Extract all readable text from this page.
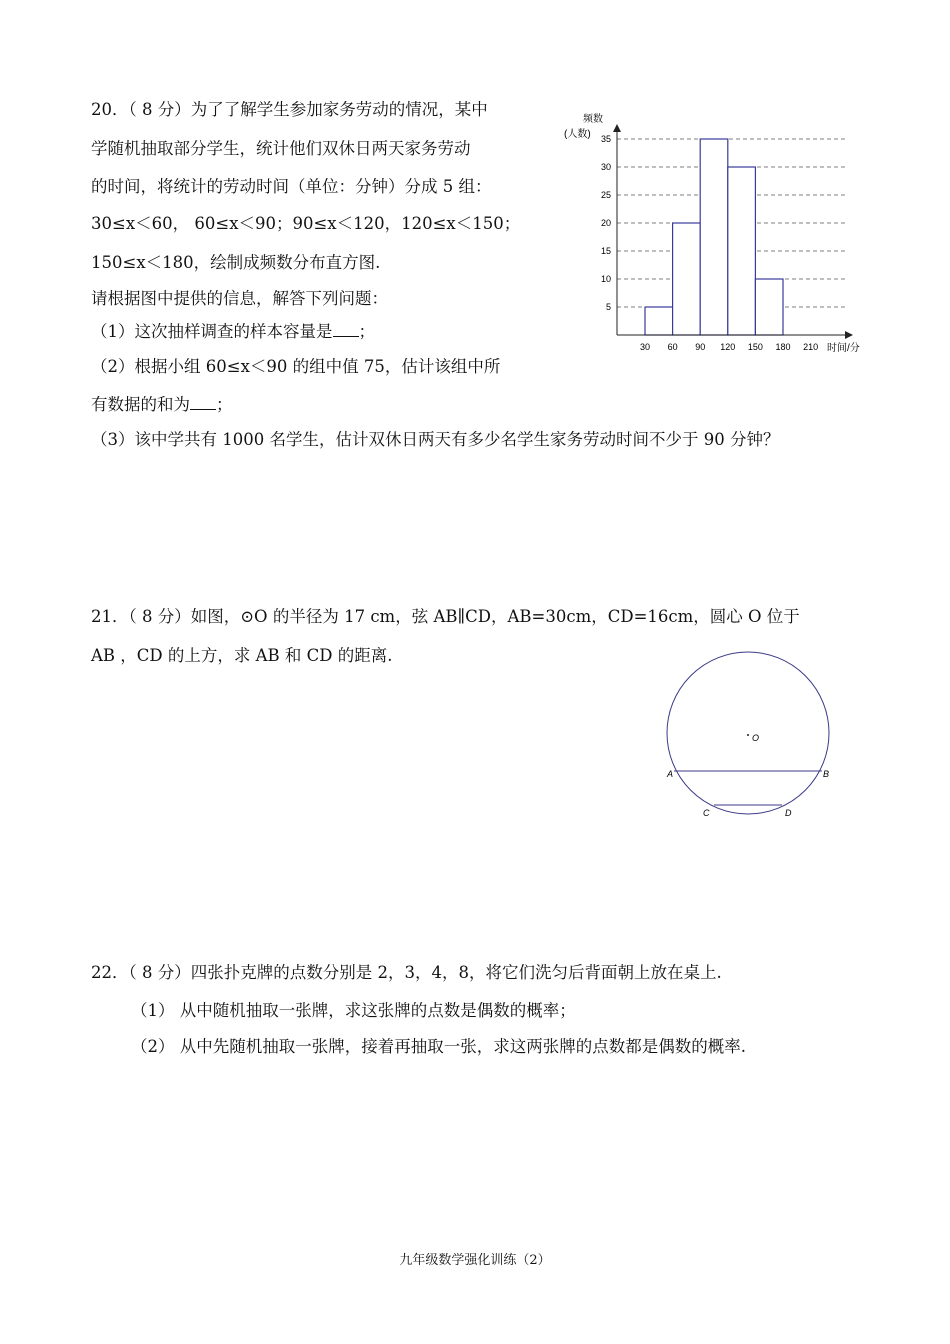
20．（ 8 分）为了了解学生参加家务劳动的情况，某中
学随机抽取部分学生，统计他们双休日两天家务劳动
的时间，将统计的劳动时间（单位：分钟）分成 5 组：
30≤x＜60， 60≤x＜90；90≤x＜120，120≤x＜150；
150≤x＜180，绘制成频数分布直方图.
请根据图中提供的信息，解答下列问题：
（1）这次抽样调查的样本容量是 ；
（2）根据小组 60≤x＜90 的组中值 75，估计该组中所
有数据的和为 ；
（3）该中学共有 1000 名学生，估计双休日两天有多少名学生家务劳动时间不少于 90 分钟？
5
10
15
20
25
30
35
30 60 90 120 150 180 210
频数
(人数)
时间/分
21．（ 8 分）如图，⊙O 的半径为 17 cm，弦 AB∥CD，AB=30cm，CD=16cm，圆心 O 位于
AB ，CD 的上方，求 AB 和 CD 的距离.
O
A	B
C	D
22．（ 8 分）四张扑克牌的点数分别是 2，3，4，8，将它们洗匀后背面朝上放在桌上.
（1） 从中随机抽取一张牌，求这张牌的点数是偶数的概率；
（2） 从中先随机抽取一张牌，接着再抽取一张，求这两张牌的点数都是偶数的概率.
九年级数学强化训练（2）
